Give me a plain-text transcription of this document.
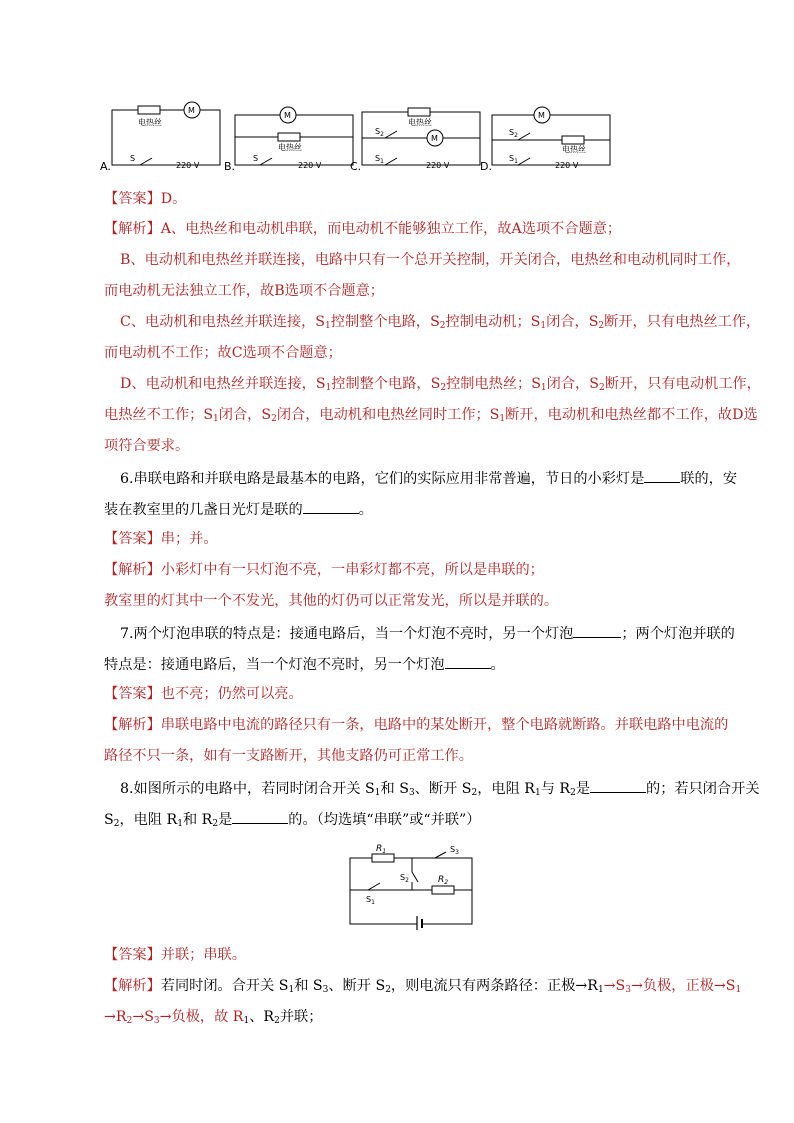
电热丝
M
S
220 V
A.
M
电热丝
S
220 V
B.
电热丝
$S_2$	M
$S_1$	220 V
C.
M
$S_2$
电热丝
$S_1$	220 V
D.
【答案】D。
【解析】A、电热丝和电动机串联，而电动机不能够独立工作，故A选项不合题意；
B、电动机和电热丝并联连接，电路中只有一个总开关控制，开关闭合，电热丝和电动机同时工作，
而电动机无法独立工作，故B选项不合题意；
C、电动机和电热丝并联连接，$S_1$控制整个电路，$S_2$控制电动机；$S_1$闭合，$S_2$断开，只有电热丝工作，
而电动机不工作；故C选项不合题意；
D、电动机和电热丝并联连接，$S_1$控制整个电路，$S_2$控制电热丝；$S_1$闭合，$S_2$断开，只有电动机工作，
电热丝不工作；$S_1$闭合，$S_2$闭合，电动机和电热丝同时工作；$S_1$断开，电动机和电热丝都不工作，故D选
项符合要求。
6.串联电路和并联电路是最基本的电路，它们的实际应用非常普遍，节日的小彩灯是	联的，安
装在教室里的几盏日光灯是联的	。
【答案】串；并。
【解析】小彩灯中有一只灯泡不亮，一串彩灯都不亮，所以是串联的；
教室里的灯其中一个不发光，其他的灯仍可以正常发光，所以是并联的。
7.两个灯泡串联的特点是：接通电路后，当一个灯泡不亮时，另一个灯泡	；两个灯泡并联的
特点是：接通电路后，当一个灯泡不亮时，另一个灯泡	。
【答案】也不亮；仍然可以亮。
【解析】串联电路中电流的路径只有一条，电路中的某处断开，整个电路就断路。并联电路中电流的
路径不只一条，如有一支路断开，其他支路仍可正常工作。
8.如图所示的电路中，若同时闭合开关 $S_1$和 $S_3$、断开 $S_2$，电阻 $R_1$与 $R_2$是	的；若只闭合开关
$S_2$，电阻 $R_1$和 $R_2$是	的。（均选填“串联”或“并联”）
$R_1$	$S_3$
$S_2$
$S_1$
$R_2$
【答案】并联；串联。
【解析】若同时闭。合开关 $S_1$和 $S_3$、断开 $S_2$，则电流只有两条路径：正极$\to R_1\to S_3\to$负极，正极$\to S_1$
$\to R_2\to S_3\to$负极，故 $R_1$、$R_2$并联；
